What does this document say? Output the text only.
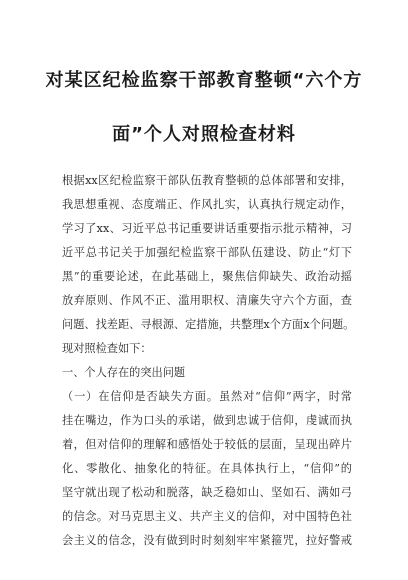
对某区纪检监察干部教育整顿“六个方
面”个人对照检查材料
根据xx区纪检监察干部队伍教育整顿的总体部署和安排，
我思想重视、态度端正、作风扎实，认真执行规定动作，
学习了xx、习近平总书记重要讲话重要指示批示精神，习
近平总书记关于加强纪检监察干部队伍建设、防止“灯下
黑”的重要论述，在此基础上，聚焦信仰缺失、政治动摇
放弃原则、作风不正、滥用职权、清廉失守六个方面，查
问题、找差距、寻根源、定措施，共整理x个方面x个问题。
现对照检查如下：
一、个人存在的突出问题
（一）在信仰是否缺失方面。虽然对“信仰”两字，时常
挂在嘴边，作为口头的承诺，做到忠诚于信仰，虔诚而执
着，但对信仰的理解和感悟处于较低的层面，呈现出碎片
化、零散化、抽象化的特征。在具体执行上，“信仰”的
坚守就出现了松动和脱落，缺乏稳如山、坚如石、满如弓
的信念。对马克思主义、共产主义的信仰，对中国特色社
会主义的信念，没有做到时时刻刻牢牢紧箍咒，拉好警戒
